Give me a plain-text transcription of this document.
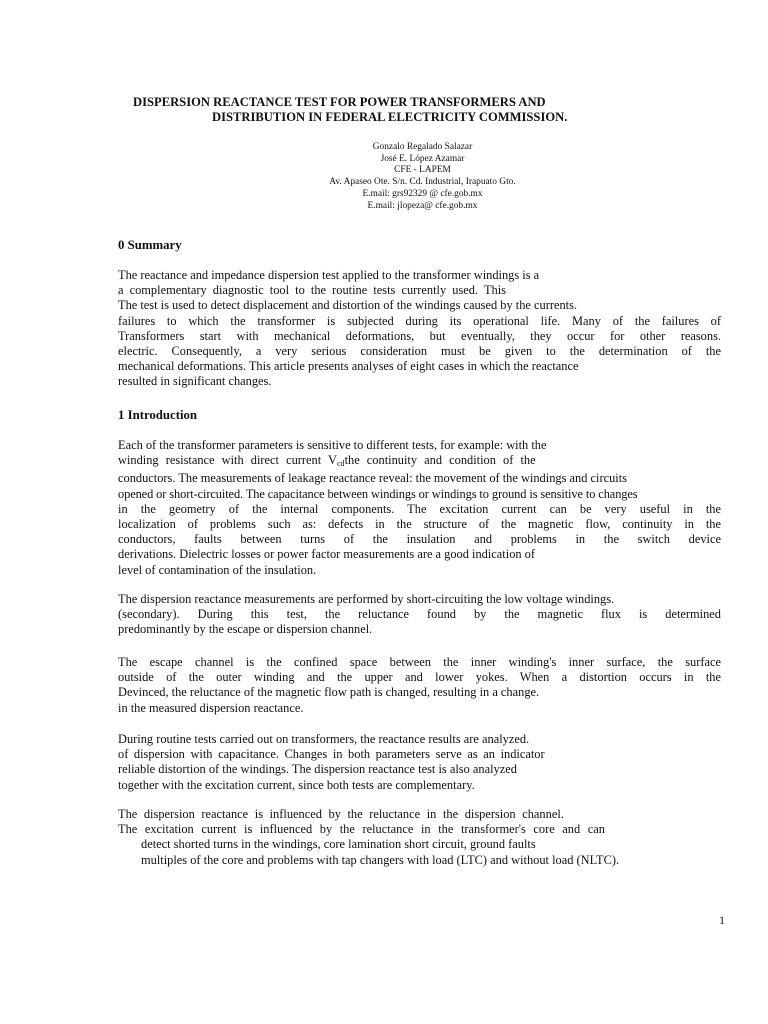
DISPERSION REACTANCE TEST FOR POWER TRANSFORMERS AND
DISTRIBUTION IN FEDERAL ELECTRICITY COMMISSION.
Gonzalo Regalado Salazar
José E. López Azamar
CFE - LAPEM
Av. Apaseo Ote. S/n. Cd. Industrial, Irapuato Gto.
E.mail: grs92329 @ cfe.gob.mx
E.mail: jlopeza@ cfe.gob.mx
0 Summary
The reactance and impedance dispersion test applied to the transformer windings is a
a complementary diagnostic tool to the routine tests currently used. This
The test is used to detect displacement and distortion of the windings caused by the currents.
failures to which the transformer is subjected during its operational life. Many of the failures of
Transformers start with mechanical deformations, but eventually, they occur for other reasons.
electric. Consequently, a very serious consideration must be given to the determination of the
mechanical deformations. This article presents analyses of eight cases in which the reactance
resulted in significant changes.
1 Introduction
Each of the transformer parameters is sensitive to different tests, for example: with the
winding resistance with direct current $V_{cd}the$ continuity and condition of the
conductors. The measurements of leakage reactance reveal: the movement of the windings and circuits
opened or short-circuited. The capacitance between windings or windings to ground is sensitive to changes
in the geometry of the internal components. The excitation current can be very useful in the
localization of problems such as: defects in the structure of the magnetic flow, continuity in the
conductors, faults between turns of the insulation and problems in the switch device
derivations. Dielectric losses or power factor measurements are a good indication of
level of contamination of the insulation.
The dispersion reactance measurements are performed by short-circuiting the low voltage windings.
(secondary). During this test, the reluctance found by the magnetic flux is determined
predominantly by the escape or dispersion channel.
The escape channel is the confined space between the inner winding's inner surface, the surface
outside of the outer winding and the upper and lower yokes. When a distortion occurs in the
Devinced, the reluctance of the magnetic flow path is changed, resulting in a change.
in the measured dispersion reactance.
During routine tests carried out on transformers, the reactance results are analyzed.
of dispersion with capacitance. Changes in both parameters serve as an indicator
reliable distortion of the windings. The dispersion reactance test is also analyzed
together with the excitation current, since both tests are complementary.
The dispersion reactance is influenced by the reluctance in the dispersion channel.
The excitation current is influenced by the reluctance in the transformer's core and can
detect shorted turns in the windings, core lamination short circuit, ground faults
multiples of the core and problems with tap changers with load (LTC) and without load (NLTC).
1
